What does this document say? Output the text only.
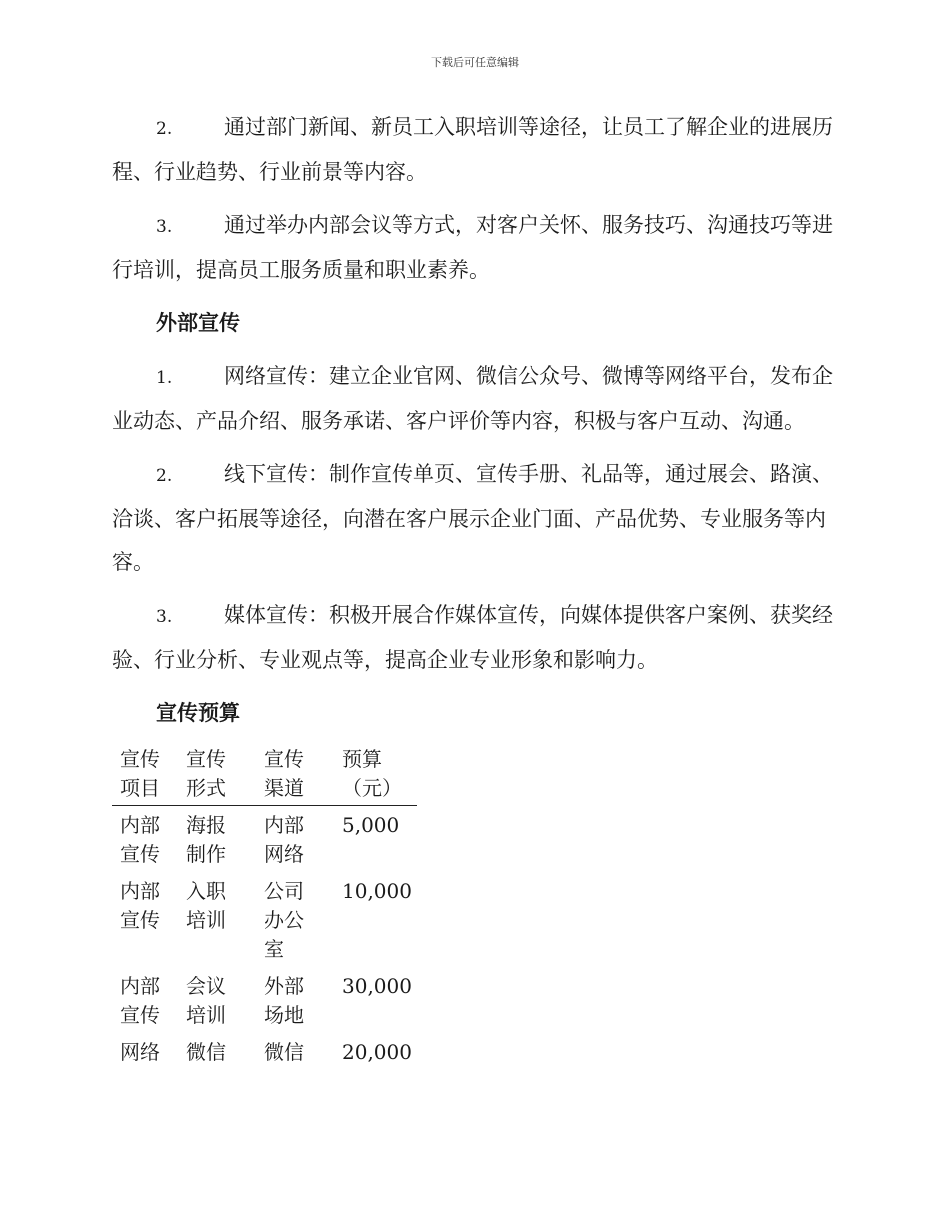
下载后可任意编辑

2. 通过部门新闻、新员工入职培训等途径，让员工了解企业的进展历程、行业趋势、行业前景等内容。

3. 通过举办内部会议等方式，对客户关怀、服务技巧、沟通技巧等进行培训，提高员工服务质量和职业素养。

外部宣传

1. 网络宣传：建立企业官网、微信公众号、微博等网络平台，发布企业动态、产品介绍、服务承诺、客户评价等内容，积极与客户互动、沟通。

2. 线下宣传：制作宣传单页、宣传手册、礼品等，通过展会、路演、洽谈、客户拓展等途径，向潜在客户展示企业门面、产品优势、专业服务等内容。

3. 媒体宣传：积极开展合作媒体宣传，向媒体提供客户案例、获奖经验、行业分析、专业观点等，提高企业专业形象和影响力。

宣传预算
宣传项目	宣传形式	宣传渠道	预算（元）

内部宣传	海报制作	内部网络	5,000

内部宣传	入职培训	公司办公室	10,000

内部宣传	会议培训	外部场地	30,000

网络	微信	微信	20,000
